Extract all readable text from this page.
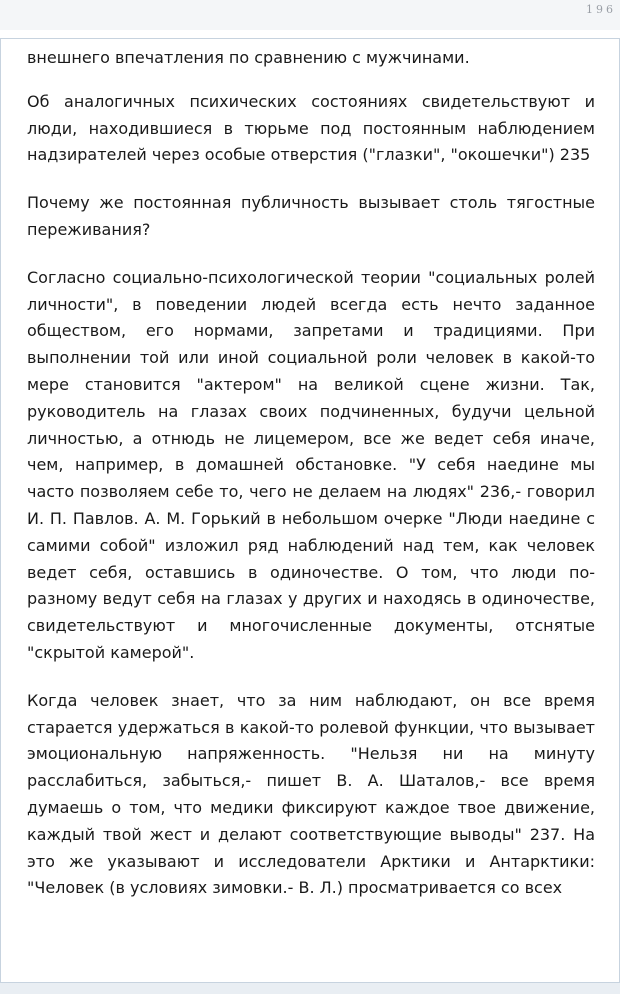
196

внешнего впечатления по сравнению с мужчинами.

Об аналогичных психических состояниях свидетельствуют и люди, находившиеся в тюрьме под постоянным наблюдением надзирателей через особые отверстия ("глазки", "окошечки") 235

Почему же постоянная публичность вызывает столь тягостные переживания?

Согласно социально-психологической теории "социальных ролей личности", в поведении людей всегда есть нечто заданное обществом, его нормами, запретами и традициями. При выполнении той или иной социальной роли человек в какой-то мере становится "актером" на великой сцене жизни. Так, руководитель на глазах своих подчиненных, будучи цельной личностью, а отнюдь не лицемером, все же ведет себя иначе, чем, например, в домашней обстановке. "У себя наедине мы часто позволяем себе то, чего не делаем на людях" 236,- говорил И. П. Павлов. А. М. Горький в небольшом очерке "Люди наедине с самими собой" изложил ряд наблюдений над тем, как человек ведет себя, оставшись в одиночестве. О том, что люди по-разному ведут себя на глазах у других и находясь в одиночестве, свидетельствуют и многочисленные документы, отснятые "скрытой камерой".

Когда человек знает, что за ним наблюдают, он все время старается удержаться в какой-то ролевой функции, что вызывает эмоциональную напряженность. "Нельзя ни на минуту расслабиться, забыться,- пишет В. А. Шаталов,- все время думаешь о том, что медики фиксируют каждое твое движение, каждый твой жест и делают соответствующие выводы" 237. На это же указывают и исследователи Арктики и Антарктики: "Человек (в условиях зимовки.- В. Л.) просматривается со всех
